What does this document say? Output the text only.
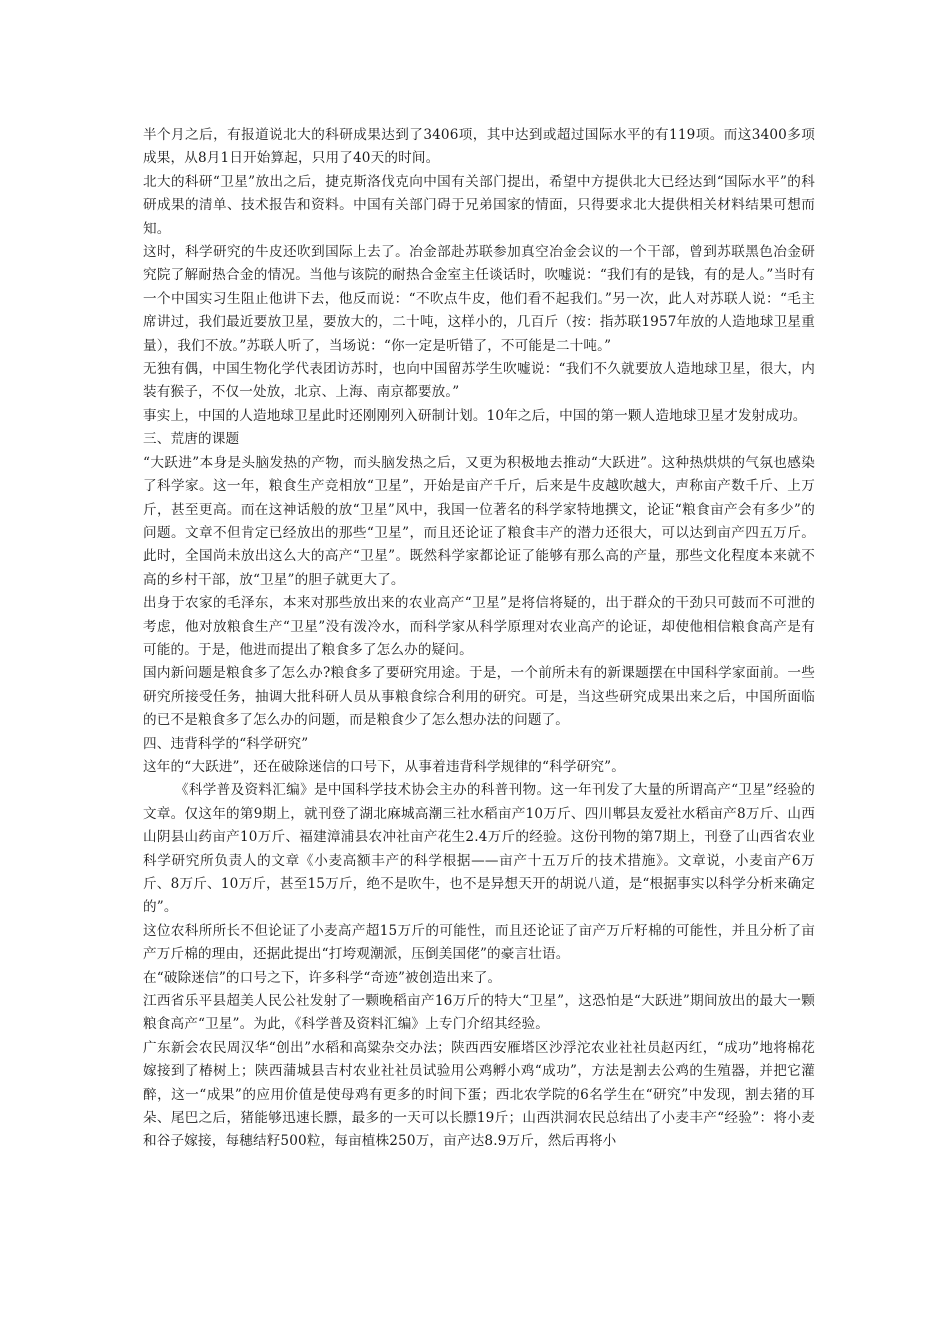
半个月之后，有报道说北大的科研成果达到了3406项，其中达到或超过国际水平的有119项。而这3400多项成果，从8月1日开始算起，只用了40天的时间。

北大的科研“卫星”放出之后，捷克斯洛伐克向中国有关部门提出，希望中方提供北大已经达到“国际水平”的科研成果的清单、技术报告和资料。中国有关部门碍于兄弟国家的情面，只得要求北大提供相关材料结果可想而知。

这时，科学研究的牛皮还吹到国际上去了。冶金部赴苏联参加真空冶金会议的一个干部，曾到苏联黑色冶金研究院了解耐热合金的情况。当他与该院的耐热合金室主任谈话时，吹嘘说：“我们有的是钱，有的是人。”当时有一个中国实习生阻止他讲下去，他反而说：“不吹点牛皮，他们看不起我们。”另一次，此人对苏联人说：“毛主席讲过，我们最近要放卫星，要放大的，二十吨，这样小的，几百斤（按：指苏联1957年放的人造地球卫星重量），我们不放。”苏联人听了，当场说：“你一定是听错了，不可能是二十吨。”

无独有偶，中国生物化学代表团访苏时，也向中国留苏学生吹嘘说：“我们不久就要放人造地球卫星，很大，内装有猴子，不仅一处放，北京、上海、南京都要放。”

事实上，中国的人造地球卫星此时还刚刚列入研制计划。10年之后，中国的第一颗人造地球卫星才发射成功。

三、荒唐的课题

“大跃进”本身是头脑发热的产物，而头脑发热之后，又更为积极地去推动“大跃进”。这种热烘烘的气氛也感染了科学家。这一年，粮食生产竞相放“卫星”，开始是亩产千斤，后来是牛皮越吹越大，声称亩产数千斤、上万斤，甚至更高。而在这神话般的放“卫星”风中，我国一位著名的科学家特地撰文，论证“粮食亩产会有多少”的问题。文章不但肯定已经放出的那些“卫星”，而且还论证了粮食丰产的潜力还很大，可以达到亩产四五万斤。此时，全国尚未放出这么大的高产“卫星”。既然科学家都论证了能够有那么高的产量，那些文化程度本来就不高的乡村干部，放“卫星”的胆子就更大了。

出身于农家的毛泽东，本来对那些放出来的农业高产“卫星”是将信将疑的，出于群众的干劲只可鼓而不可泄的考虑，他对放粮食生产“卫星”没有泼冷水，而科学家从科学原理对农业高产的论证，却使他相信粮食高产是有可能的。于是，他进而提出了粮食多了怎么办的疑问。

国内新问题是粮食多了怎么办?粮食多了要研究用途。于是，一个前所未有的新课题摆在中国科学家面前。一些研究所接受任务，抽调大批科研人员从事粮食综合利用的研究。可是，当这些研究成果出来之后，中国所面临的已不是粮食多了怎么办的问题，而是粮食少了怎么想办法的问题了。

四、违背科学的“科学研究”

这年的“大跃进”，还在破除迷信的口号下，从事着违背科学规律的“科学研究”。

《科学普及资料汇编》是中国科学技术协会主办的科普刊物。这一年刊发了大量的所谓高产“卫星”经验的文章。仅这年的第9期上，就刊登了湖北麻城高潮三社水稻亩产10万斤、四川郫县友爱社水稻亩产8万斤、山西山阴县山药亩产10万斤、福建漳浦县农冲社亩产花生2.4万斤的经验。这份刊物的第7期上，刊登了山西省农业科学研究所负责人的文章《小麦高额丰产的科学根据——亩产十五万斤的技术措施》。文章说，小麦亩产6万斤、8万斤、10万斤，甚至15万斤，绝不是吹牛，也不是异想天开的胡说八道，是“根据事实以科学分析来确定的”。

这位农科所所长不但论证了小麦高产超15万斤的可能性，而且还论证了亩产万斤籽棉的可能性，并且分析了亩产万斤棉的理由，还据此提出“打垮观潮派，压倒美国佬”的豪言壮语。

在“破除迷信”的口号之下，许多科学“奇迹”被创造出来了。

江西省乐平县超美人民公社发射了一颗晚稻亩产16万斤的特大“卫星”，这恐怕是“大跃进”期间放出的最大一颗粮食高产“卫星”。为此，《科学普及资料汇编》上专门介绍其经验。

广东新会农民周汉华“创出”水稻和高粱杂交办法；陕西西安雁塔区沙浮沱农业社社员赵丙红，“成功”地将棉花嫁接到了椿树上；陕西蒲城县吉村农业社社员试验用公鸡孵小鸡“成功”，方法是割去公鸡的生殖器，并把它灌醉，这一“成果”的应用价值是使母鸡有更多的时间下蛋；西北农学院的6名学生在“研究”中发现，割去猪的耳朵、尾巴之后，猪能够迅速长膘，最多的一天可以长膘19斤；山西洪洞农民总结出了小麦丰产“经验”：将小麦和谷子嫁接，每穗结籽500粒，每亩植株250万，亩产达8.9万斤，然后再将小
